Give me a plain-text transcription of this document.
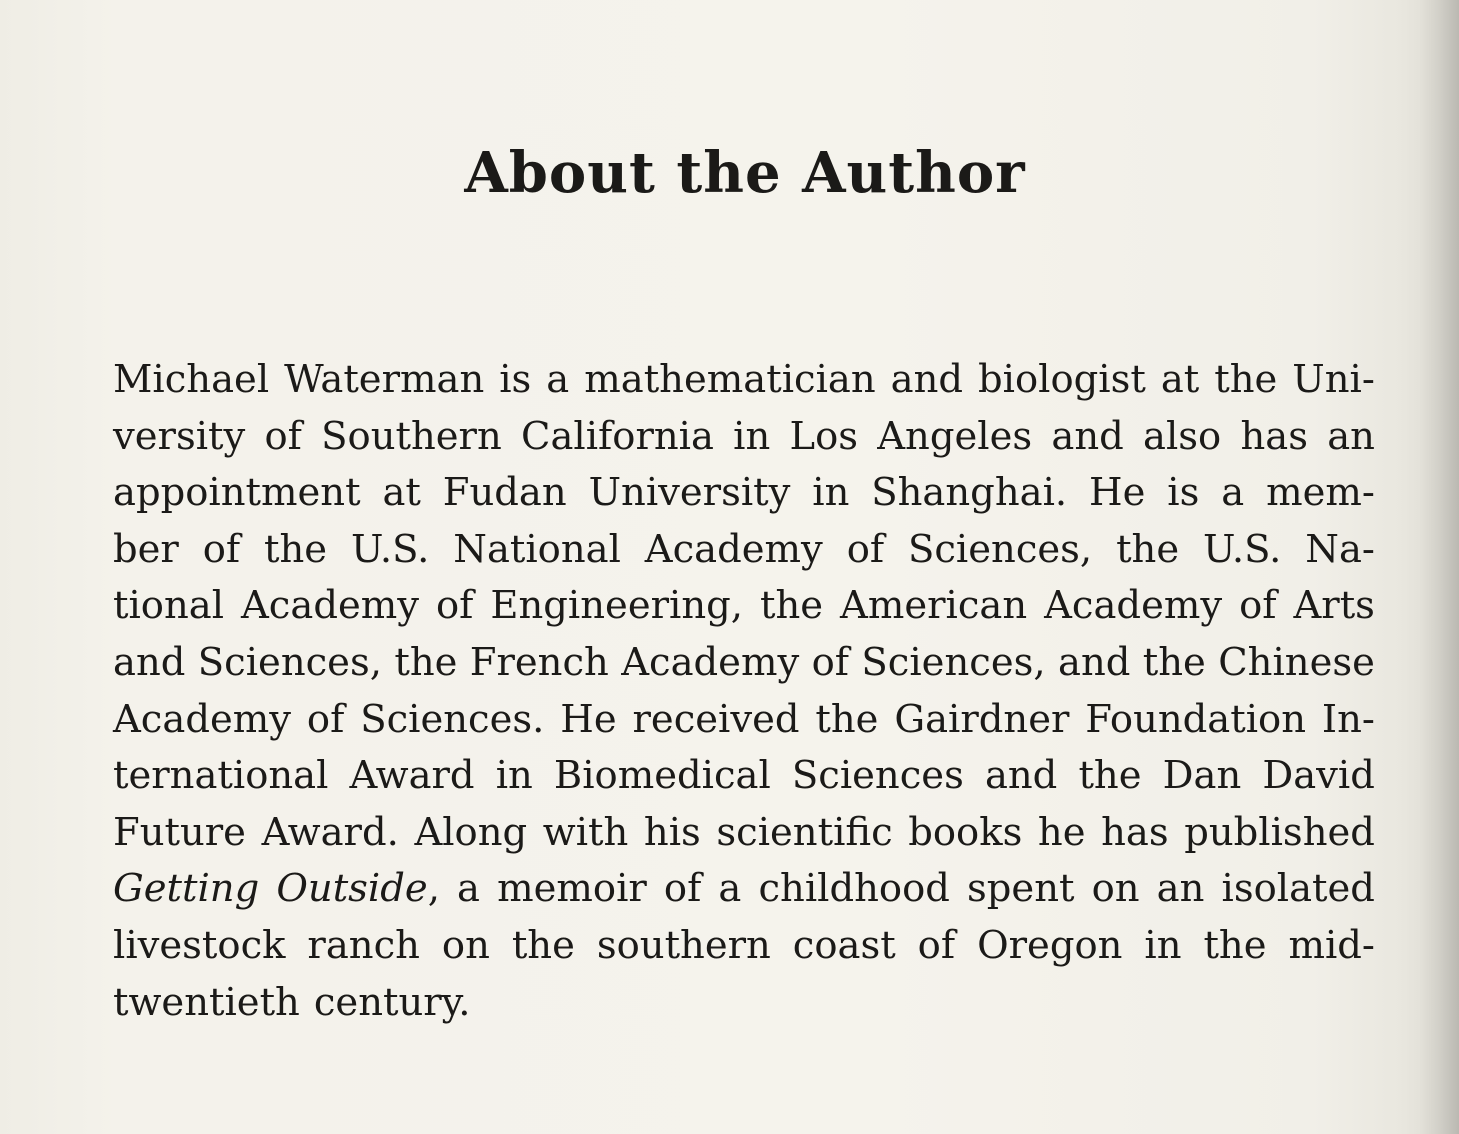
About the Author
Michael Waterman is a mathematician and biologist at the Uni-
versity of Southern California in Los Angeles and also has an
appointment at Fudan University in Shanghai. He is a mem-
ber of the U.S. National Academy of Sciences, the U.S. Na-
tional Academy of Engineering, the American Academy of Arts
and Sciences, the French Academy of Sciences, and the Chinese
Academy of Sciences. He received the Gairdner Foundation In-
ternational Award in Biomedical Sciences and the Dan David
Future Award. Along with his scientific books he has published
Getting Outside, a memoir of a childhood spent on an isolated
livestock ranch on the southern coast of Oregon in the mid-
twentieth century.
